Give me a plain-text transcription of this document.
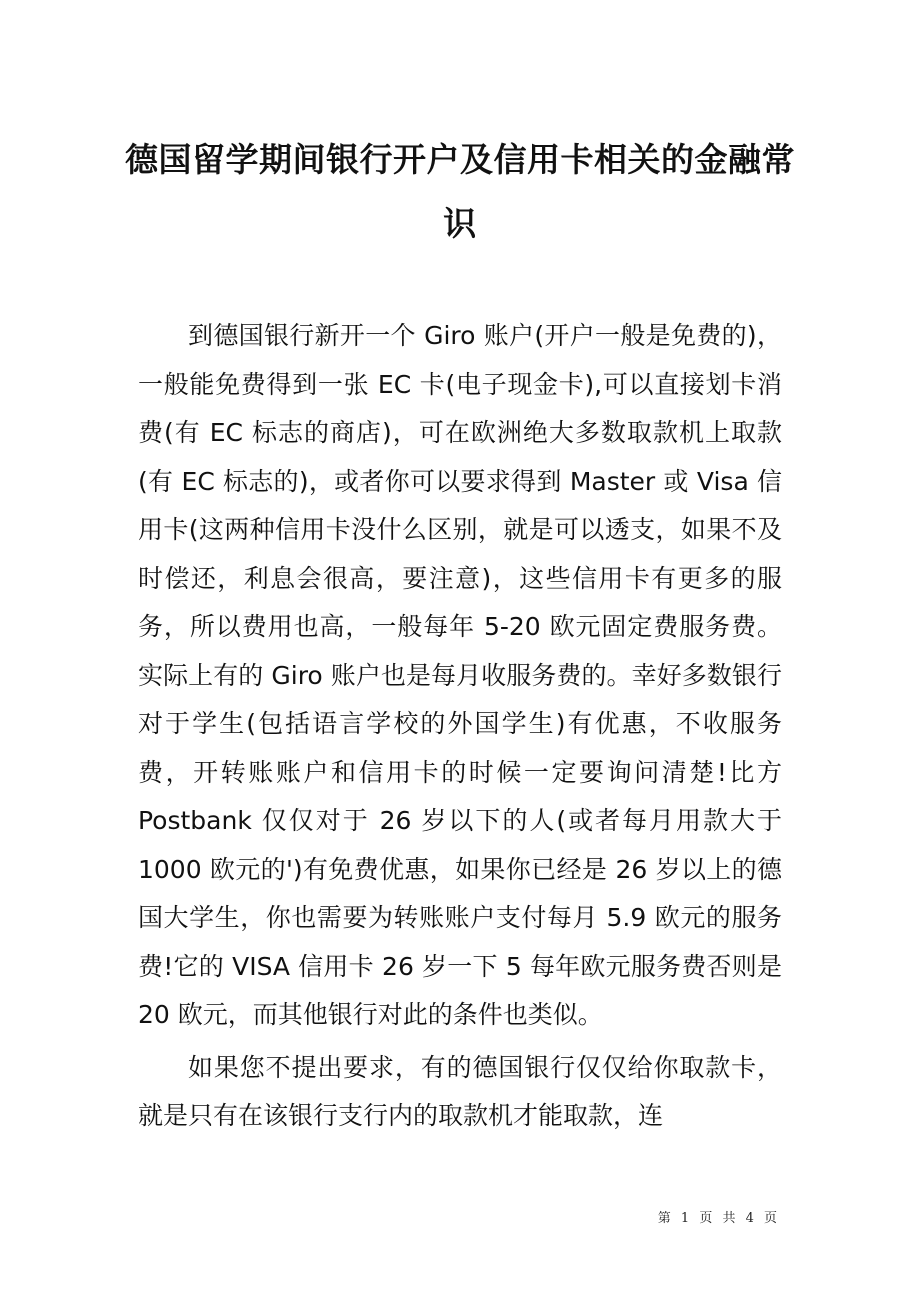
德国留学期间银行开户及信用卡相关的金融常识

到德国银行新开一个 Giro 账户(开户一般是免费的)，一般能免费得到一张 EC 卡(电子现金卡),可以直接划卡消费(有 EC 标志的商店)，可在欧洲绝大多数取款机上取款(有 EC 标志的)，或者你可以要求得到 Master 或 Visa 信用卡(这两种信用卡没什么区别，就是可以透支，如果不及时偿还，利息会很高，要注意)，这些信用卡有更多的服务，所以费用也高，一般每年 5-20 欧元固定费服务费。实际上有的 Giro 账户也是每月收服务费的。幸好多数银行对于学生(包括语言学校的外国学生)有优惠，不收服务费，开转账账户和信用卡的时候一定要询问清楚!比方 Postbank 仅仅对于 26 岁以下的人(或者每月用款大于 1000 欧元的')有免费优惠，如果你已经是 26 岁以上的德国大学生，你也需要为转账账户支付每月 5.9 欧元的服务费!它的 VISA 信用卡 26 岁一下 5 每年欧元服务费否则是 20 欧元，而其他银行对此的条件也类似。

如果您不提出要求，有的德国银行仅仅给你取款卡，就是只有在该银行支行内的取款机才能取款，连

第 1 页 共 4 页
